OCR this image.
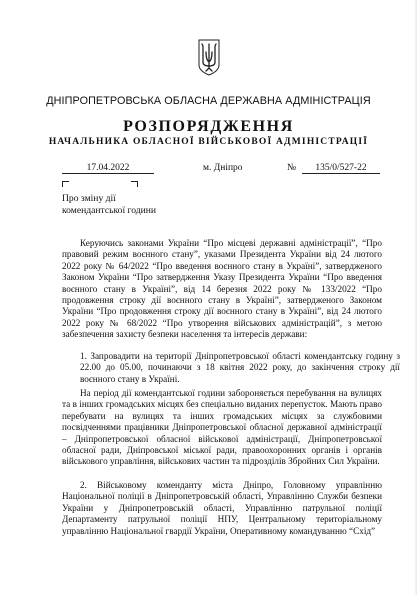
ДНІПРОПЕТРОВСЬКА ОБЛАСНА ДЕРЖАВНА АДМІНІСТРАЦІЯ
РОЗПОРЯДЖЕННЯ
НАЧАЛЬНИКА ОБЛАСНОЇ ВІЙСЬКОВОЇ АДМІНІСТРАЦІЇ
17.04.2022	м. Дніпро	№	135/0/527-22
Про зміну дії
комендантської години
Керуючись законами України “Про місцеві державні адміністрації”, “Про правовий режим воєнного стану”, указами Президента України від 24 лютого 2022 року № 64/2022 “Про введення воєнного стану в Україні”, затвердженого Законом України “Про затвердження Указу Президента України “Про введення воєнного стану в Україні”, від 14 березня 2022 року № 133/2022 “Про продовження строку дії воєнного стану в Україні”, затвердженого Законом України “Про продовження строку дії воєнного стану в Україні”, від 24 лютого 2022 року № 68/2022 “Про утворення військових адміністрацій”, з метою забезпечення захисту безпеки населення та інтересів держави:
1. Запровадити на території Дніпропетровської області комендантську годину з 22.00 до 05.00, починаючи з 18 квітня 2022 року, до закінчення строку дії воєнного стану в Україні.
На період дії комендантської години забороняється перебування на вулицях та в інших громадських місцях без спеціально виданих перепусток. Мають право перебувати на вулицях та інших громадських місцях за службовими посвідченнями працівники Дніпропетровської обласної державної адміністрації – Дніпропетровської обласної військової адміністрації, Дніпропетровської обласної ради, Дніпровської міської ради, правоохоронних органів і органів військового управління, військових частин та підрозділів Збройних Сил України.
2. Військовому коменданту міста Дніпро, Головному управлінню Національної поліції в Дніпропетровській області, Управлінню Служби безпеки України у Дніпропетровській області, Управлінню патрульної поліції Департаменту патрульної поліції НПУ, Центральному територіальному управлінню Національної гвардії України, Оперативному командуванню “Схід”
